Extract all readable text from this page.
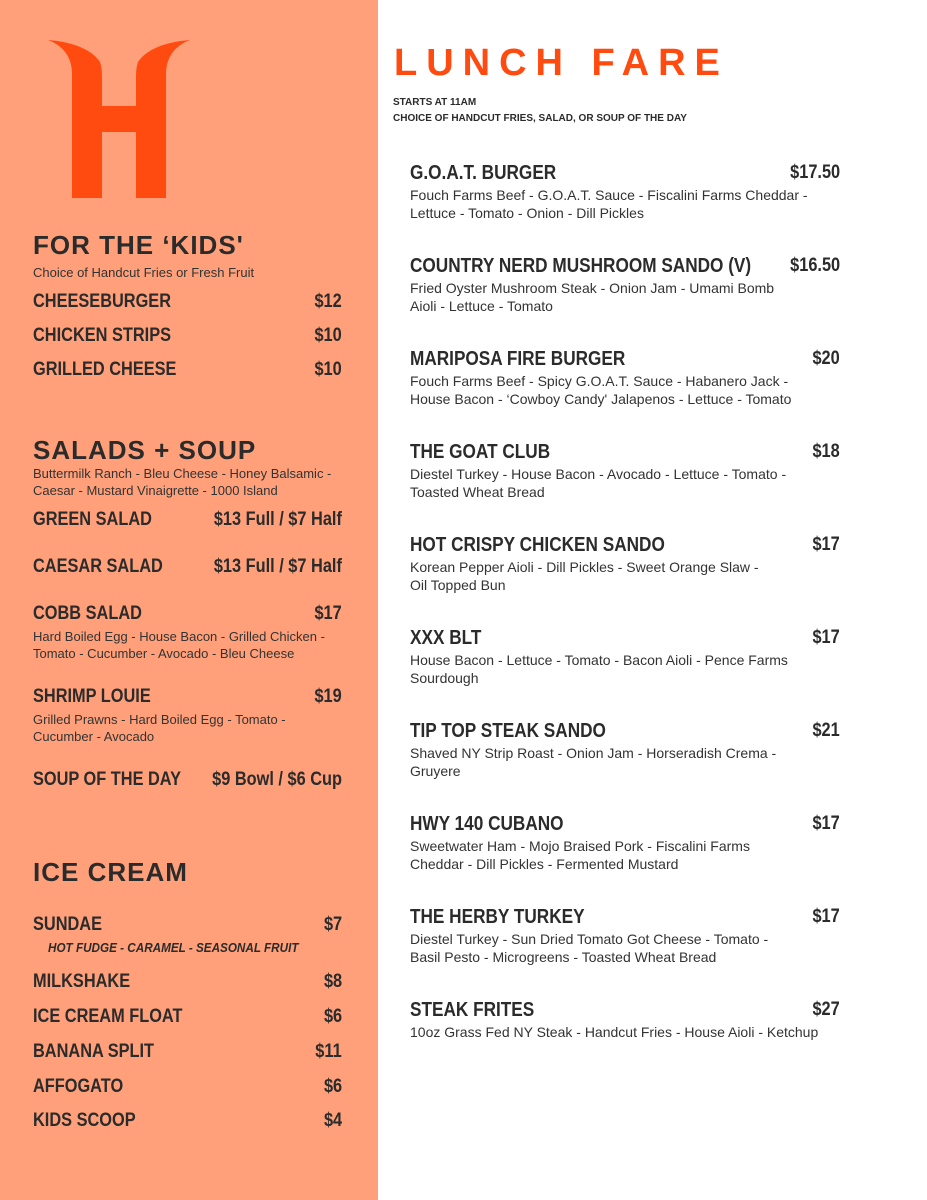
FOR THE ‘KIDS'
Choice of Handcut Fries or Fresh Fruit
CHEESEBURGER	$12
CHICKEN STRIPS	$10
GRILLED CHEESE	$10
SALADS + SOUP
Buttermilk Ranch - Bleu Cheese - Honey Balsamic - Caesar - Mustard Vinaigrette - 1000 Island
GREEN SALAD	$13 Full / $7 Half
CAESAR SALAD	$13 Full / $7 Half
COBB SALAD	$17
Hard Boiled Egg - House Bacon - Grilled Chicken - Tomato - Cucumber - Avocado - Bleu Cheese
SHRIMP LOUIE	$19
Grilled Prawns - Hard Boiled Egg - Tomato - Cucumber - Avocado
SOUP OF THE DAY $9 Bowl / $6 Cup
ICE CREAM
SUNDAE	$7
HOT FUDGE - CARAMEL - SEASONAL FRUIT
MILKSHAKE	$8
ICE CREAM FLOAT	$6
BANANA SPLIT	$11
AFFOGATO	$6
KIDS SCOOP	$4
LUNCH FARE
STARTS AT 11AM
CHOICE OF HANDCUT FRIES, SALAD, OR SOUP OF THE DAY
G.O.A.T. BURGER	$17.50
Fouch Farms Beef - G.O.A.T. Sauce - Fiscalini Farms Cheddar - Lettuce - Tomato - Onion - Dill Pickles
COUNTRY NERD MUSHROOM SANDO (V) $16.50
Fried Oyster Mushroom Steak - Onion Jam - Umami Bomb Aioli - Lettuce - Tomato
MARIPOSA FIRE BURGER	$20
Fouch Farms Beef - Spicy G.O.A.T. Sauce - Habanero Jack - House Bacon - ‘Cowboy Candy' Jalapenos - Lettuce - Tomato
THE GOAT CLUB	$18
Diestel Turkey - House Bacon - Avocado - Lettuce - Tomato - Toasted Wheat Bread
HOT CRISPY CHICKEN SANDO	$17
Korean Pepper Aioli - Dill Pickles - Sweet Orange Slaw - Oil Topped Bun
XXX BLT	$17
House Bacon - Lettuce - Tomato - Bacon Aioli - Pence Farms Sourdough
TIP TOP STEAK SANDO	$21
Shaved NY Strip Roast - Onion Jam - Horseradish Crema - Gruyere
HWY 140 CUBANO	$17
Sweetwater Ham - Mojo Braised Pork - Fiscalini Farms Cheddar - Dill Pickles - Fermented Mustard
THE HERBY TURKEY	$17
Diestel Turkey - Sun Dried Tomato Got Cheese - Tomato - Basil Pesto - Microgreens - Toasted Wheat Bread
STEAK FRITES	$27
10oz Grass Fed NY Steak - Handcut Fries - House Aioli - Ketchup
